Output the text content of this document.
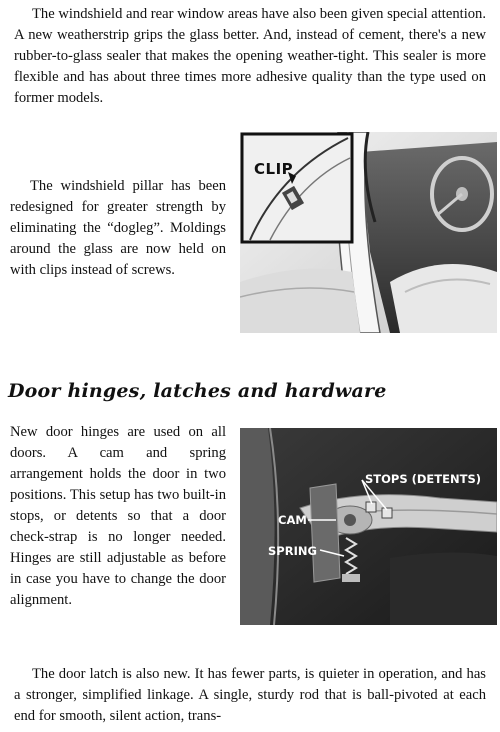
The windshield and rear window areas have also been given special attention. A new weatherstrip grips the glass better. And, instead of cement, there's a new rubber-to-glass sealer that makes the opening weather-tight. This sealer is more flexible and has about three times more adhesive quality than the type used on former models.

The windshield pillar has been redesigned for greater strength by eliminating the “dogleg”. Moldings around the glass are now held on with clips instead of screws.

CLIP
Door hinges, latches and hardware

New door hinges are used on all doors. A cam and spring arrangement holds the door in two positions. This setup has two built-in stops, or detents so that a door check-strap is no longer needed. Hinges are still adjustable as before in case you have to change the door alignment.

STOPS (DETENTS)
CAM
SPRING

The door latch is also new. It has fewer parts, is quieter in operation, and has a stronger, simplified linkage. A single, sturdy rod that is ball-pivoted at each end for smooth, silent action, trans-
